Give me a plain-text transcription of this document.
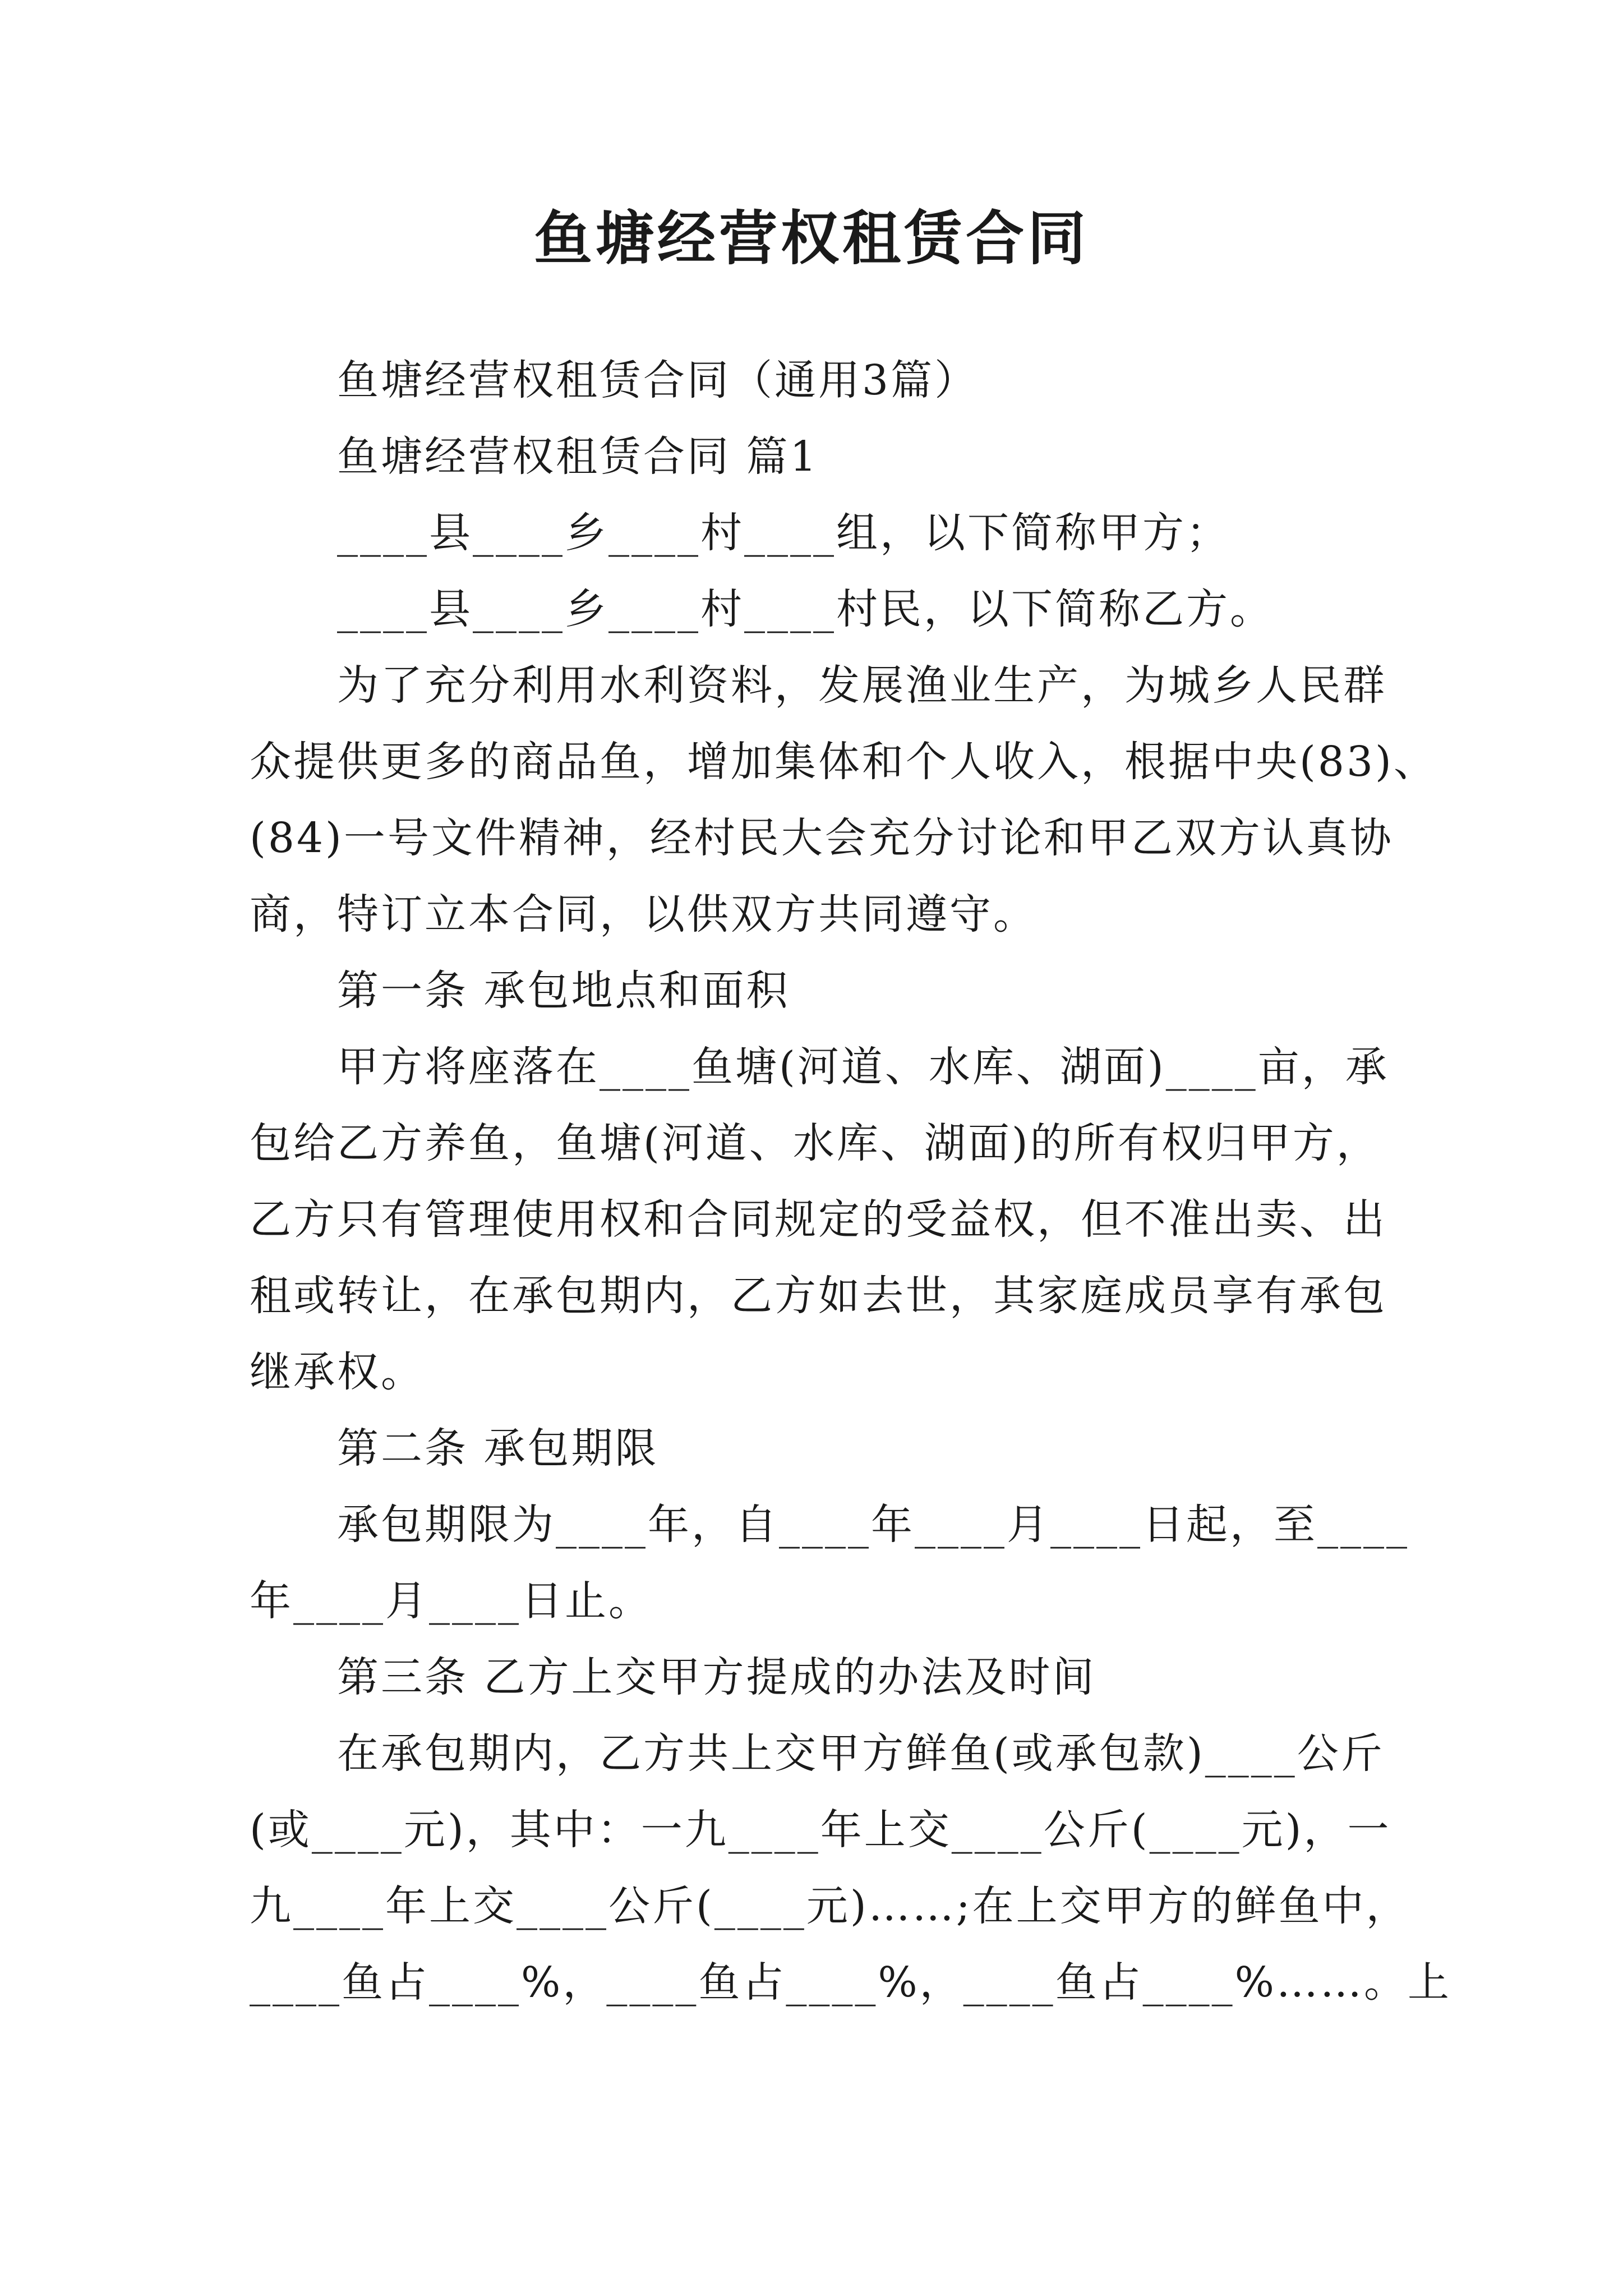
鱼塘经营权租赁合同
鱼塘经营权租赁合同（通用3篇）
鱼塘经营权租赁合同 篇1
____县____乡____村____组，以下简称甲方；
____县____乡____村____村民，以下简称乙方。
为了充分利用水利资料，发展渔业生产，为城乡人民群
众提供更多的商品鱼，增加集体和个人收入，根据中央(83)、
(84)一号文件精神，经村民大会充分讨论和甲乙双方认真协
商，特订立本合同，以供双方共同遵守。
第一条 承包地点和面积
甲方将座落在____鱼塘(河道、水库、湖面)____亩，承
包给乙方养鱼，鱼塘(河道、水库、湖面)的所有权归甲方，
乙方只有管理使用权和合同规定的受益权，但不准出卖、出
租或转让，在承包期内，乙方如去世，其家庭成员享有承包
继承权。
第二条 承包期限
承包期限为____年，自____年____月____日起，至____
年____月____日止。
第三条 乙方上交甲方提成的办法及时间
在承包期内，乙方共上交甲方鲜鱼(或承包款)____公斤
(或____元)，其中：一九____年上交____公斤(____元)，一
九____年上交____公斤(____元)……;在上交甲方的鲜鱼中，
____鱼占____%，____鱼占____%，____鱼占____%……。上
